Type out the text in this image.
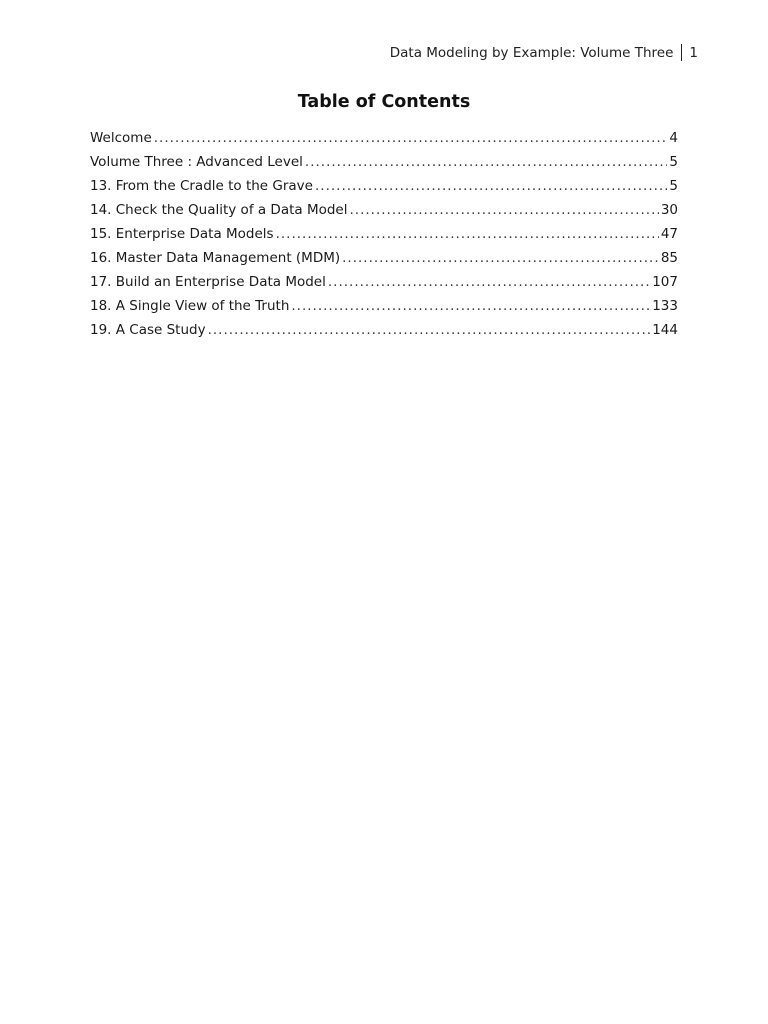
Data Modeling by Example: Volume Three 1
Table of Contents
Welcome .....	4
Volume Three : Advanced Level .....	5
13. From the Cradle to the Grave .....	5
14. Check the Quality of a Data Model .....	30
15. Enterprise Data Models .....	47
16. Master Data Management (MDM) .....	85
17. Build an Enterprise Data Model .....	107
18. A Single View of the Truth .....	133
19. A Case Study .....	144
